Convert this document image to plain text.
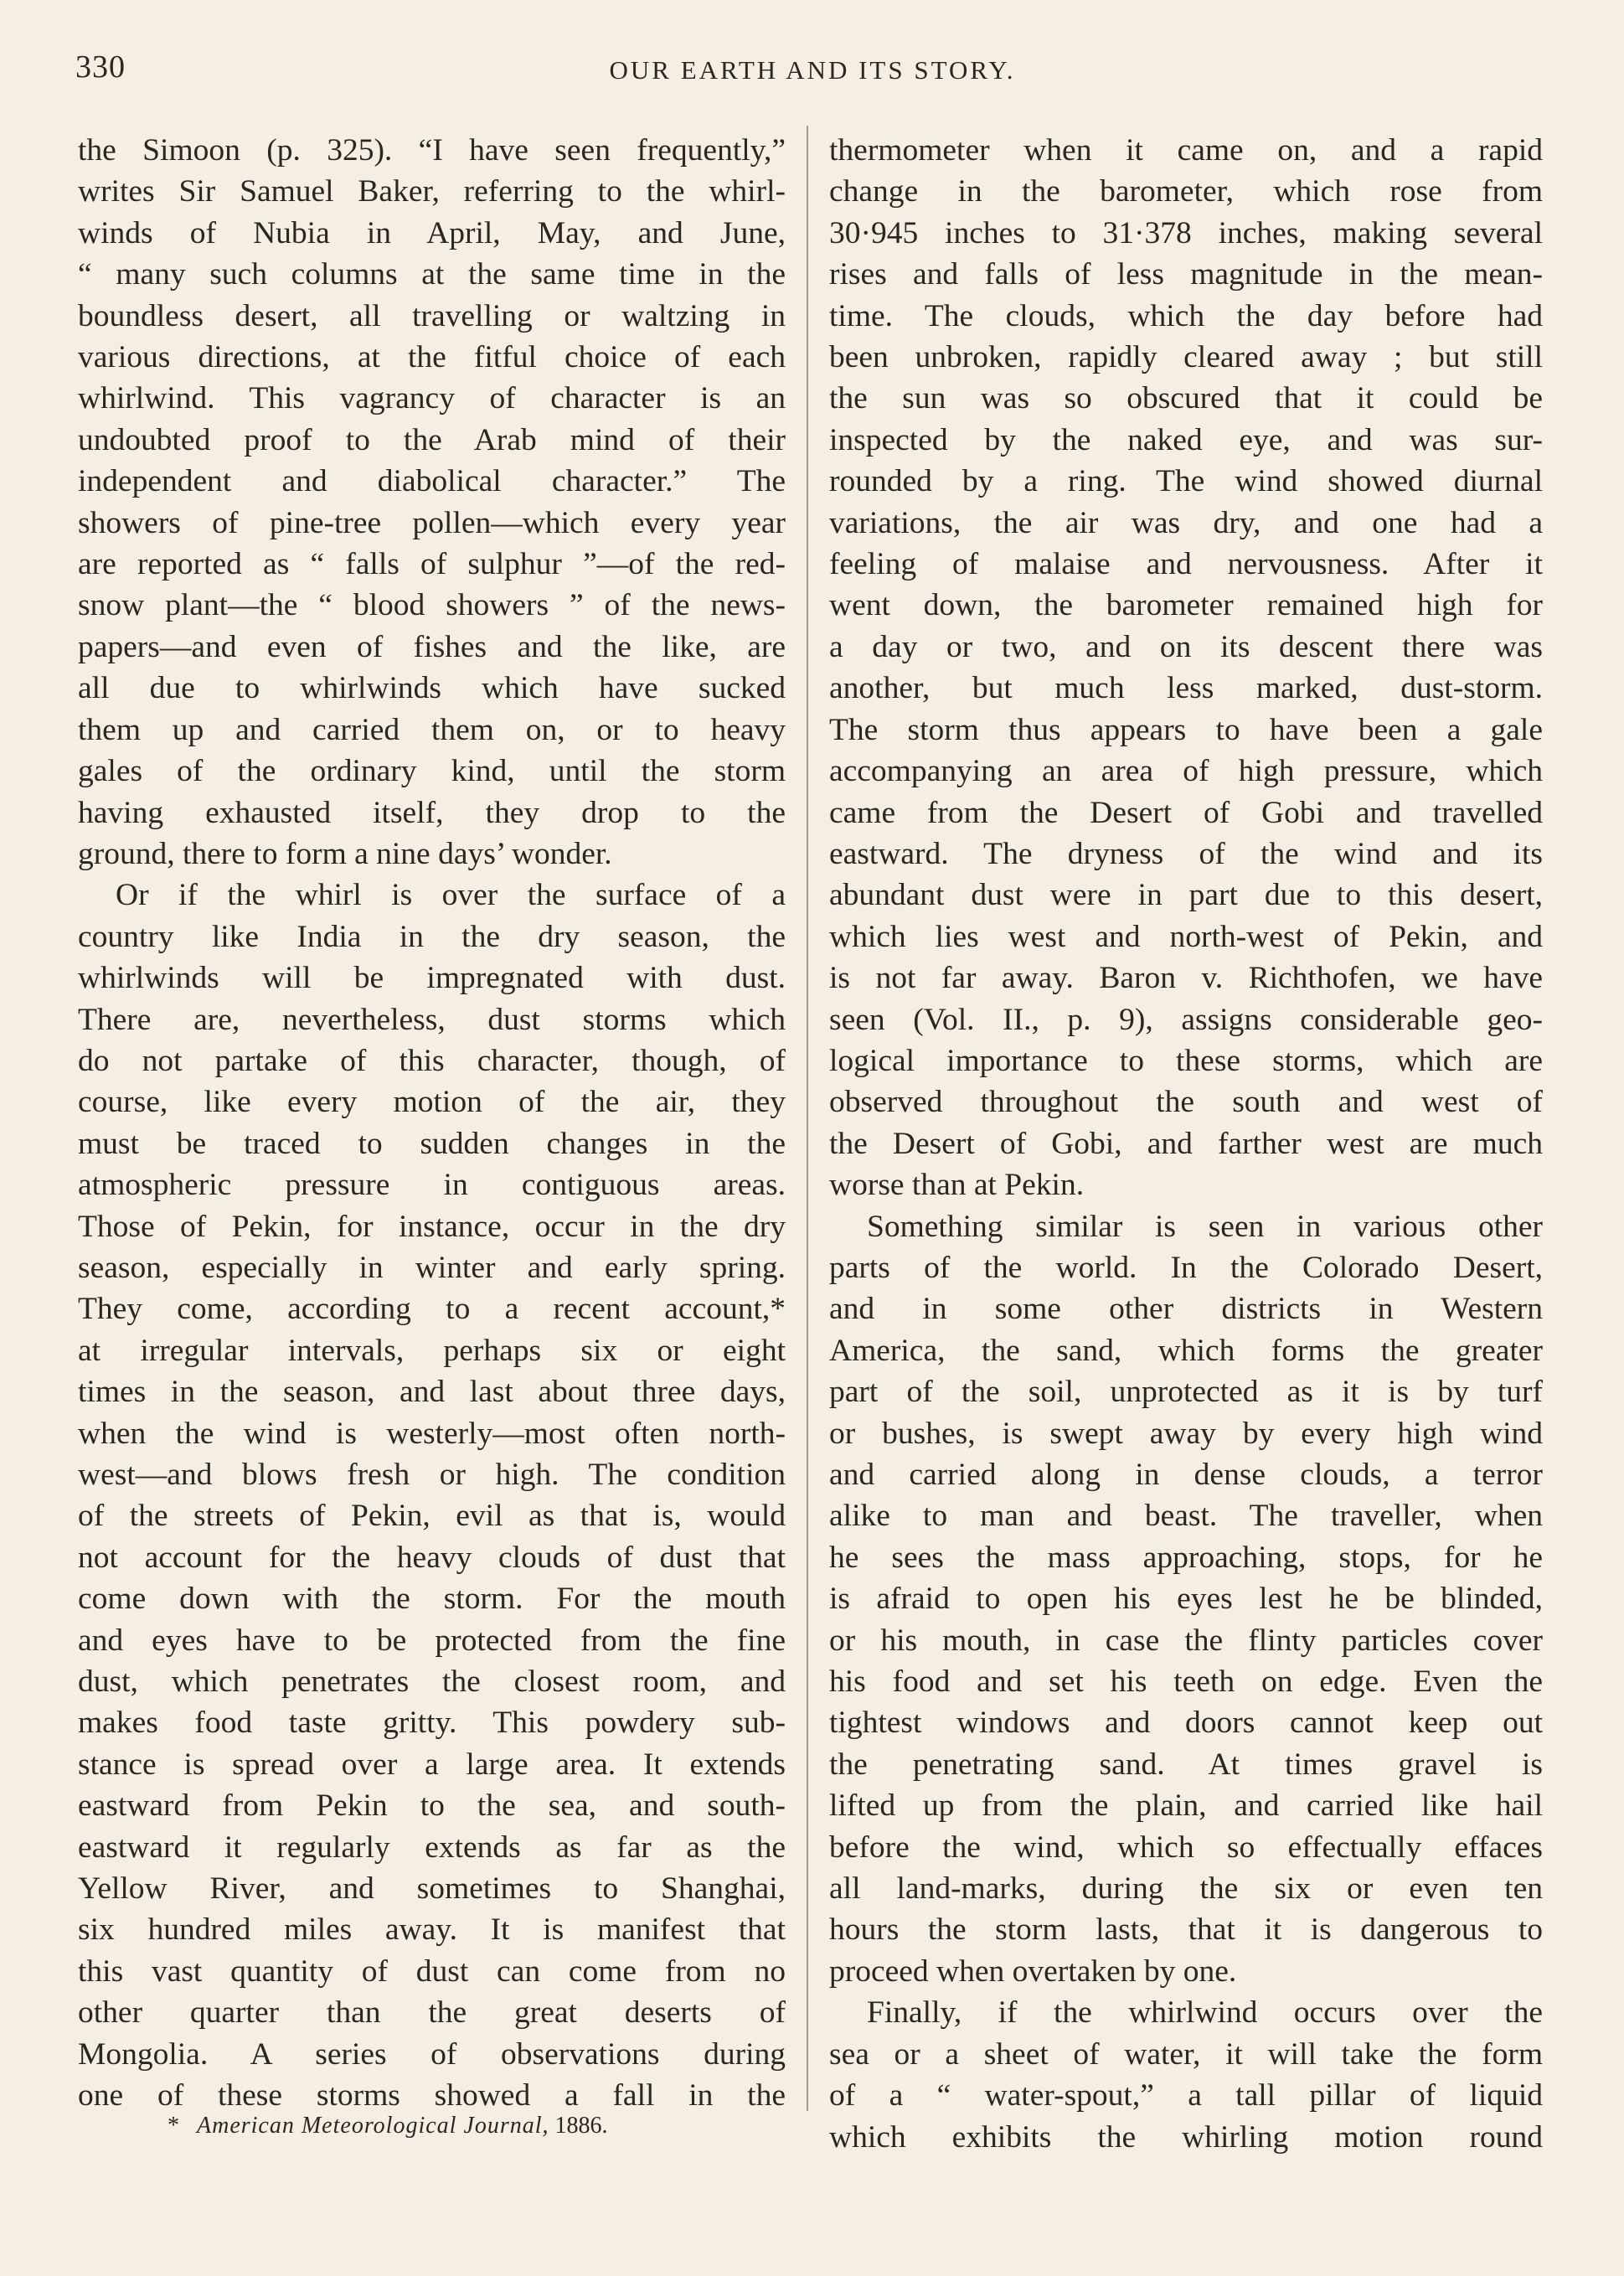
330	OUR EARTH AND ITS STORY.
the Simoon (p. 325). “I have seen frequently,”
writes Sir Samuel Baker, referring to the whirl-
winds of Nubia in April, May, and June,
“ many such columns at the same time in the
boundless desert, all travelling or waltzing in
various directions, at the fitful choice of each
whirlwind. This vagrancy of character is an
undoubted proof to the Arab mind of their
independent and diabolical character.” The
showers of pine-tree pollen—which every year
are reported as “ falls of sulphur ”—of the red-
snow plant—the “ blood showers ” of the news-
papers—and even of fishes and the like, are
all due to whirlwinds which have sucked
them up and carried them on, or to heavy
gales of the ordinary kind, until the storm
having exhausted itself, they drop to the
ground, there to form a nine days’ wonder.
Or if the whirl is over the surface of a
country like India in the dry season, the
whirlwinds will be impregnated with dust.
There are, nevertheless, dust storms which
do not partake of this character, though, of
course, like every motion of the air, they
must be traced to sudden changes in the
atmospheric pressure in contiguous areas.
Those of Pekin, for instance, occur in the dry
season, especially in winter and early spring.
They come, according to a recent account,*
at irregular intervals, perhaps six or eight
times in the season, and last about three days,
when the wind is westerly—most often north-
west—and blows fresh or high. The condition
of the streets of Pekin, evil as that is, would
not account for the heavy clouds of dust that
come down with the storm. For the mouth
and eyes have to be protected from the fine
dust, which penetrates the closest room, and
makes food taste gritty. This powdery sub-
stance is spread over a large area. It extends
eastward from Pekin to the sea, and south-
eastward it regularly extends as far as the
Yellow River, and sometimes to Shanghai,
six hundred miles away. It is manifest that
this vast quantity of dust can come from no
other quarter than the great deserts of
Mongolia. A series of observations during
one of these storms showed a fall in the
thermometer when it came on, and a rapid
change in the barometer, which rose from
30·945 inches to 31·378 inches, making several
rises and falls of less magnitude in the mean-
time. The clouds, which the day before had
been unbroken, rapidly cleared away ; but still
the sun was so obscured that it could be
inspected by the naked eye, and was sur-
rounded by a ring. The wind showed diurnal
variations, the air was dry, and one had a
feeling of malaise and nervousness. After it
went down, the barometer remained high for
a day or two, and on its descent there was
another, but much less marked, dust-storm.
The storm thus appears to have been a gale
accompanying an area of high pressure, which
came from the Desert of Gobi and travelled
eastward. The dryness of the wind and its
abundant dust were in part due to this desert,
which lies west and north-west of Pekin, and
is not far away. Baron v. Richthofen, we have
seen (Vol. II., p. 9), assigns considerable geo-
logical importance to these storms, which are
observed throughout the south and west of
the Desert of Gobi, and farther west are much
worse than at Pekin.
Something similar is seen in various other
parts of the world. In the Colorado Desert,
and in some other districts in Western
America, the sand, which forms the greater
part of the soil, unprotected as it is by turf
or bushes, is swept away by every high wind
and carried along in dense clouds, a terror
alike to man and beast. The traveller, when
he sees the mass approaching, stops, for he
is afraid to open his eyes lest he be blinded,
or his mouth, in case the flinty particles cover
his food and set his teeth on edge. Even the
tightest windows and doors cannot keep out
the penetrating sand. At times gravel is
lifted up from the plain, and carried like hail
before the wind, which so effectually effaces
all land-marks, during the six or even ten
hours the storm lasts, that it is dangerous to
proceed when overtaken by one.
Finally, if the whirlwind occurs over the
sea or a sheet of water, it will take the form
of a “ water-spout,” a tall pillar of liquid
which exhibits the whirling motion round
* American Meteorological Journal, 1886.
